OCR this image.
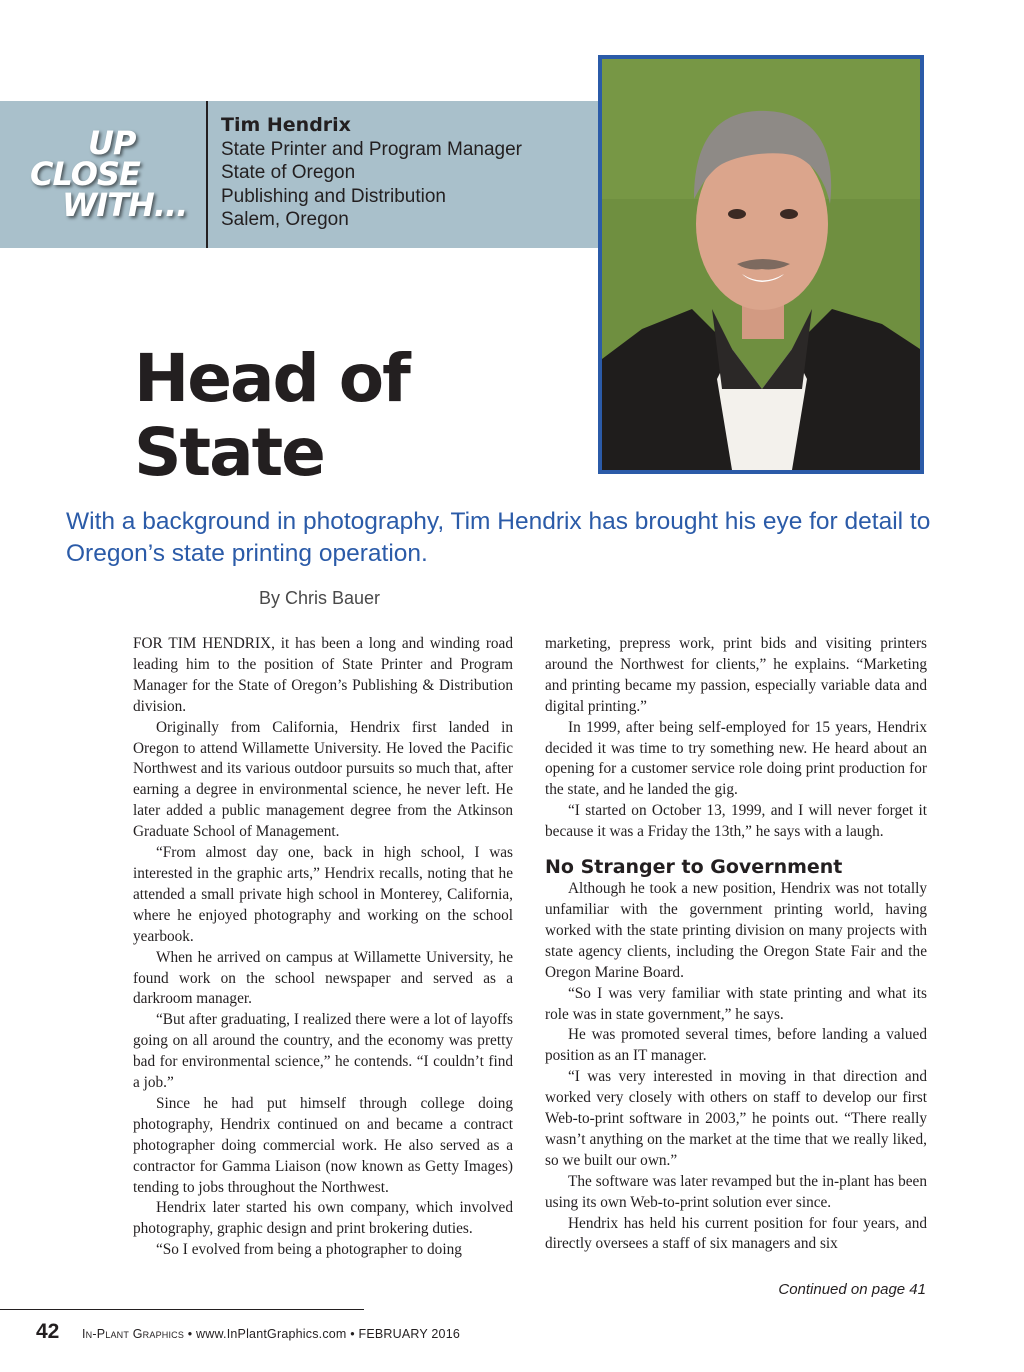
UP
CLOSE
WITH...
Tim Hendrix
State Printer and Program Manager
State of Oregon
Publishing and Distribution
Salem, Oregon
Head of
State
With a background in photography, Tim Hendrix has brought his eye for detail to Oregon’s state printing operation.
By Chris Bauer

FOR TIM HENDRIX, it has been a long and winding road leading him to the position of State Printer and Program Manager for the State of Oregon’s Publishing & Distribution division.

Originally from California, Hendrix first landed in Oregon to attend Willamette University. He loved the Pacific Northwest and its various outdoor pursuits so much that, after earning a degree in environmental science, he never left. He later added a public management degree from the Atkinson Graduate School of Management.

“From almost day one, back in high school, I was interested in the graphic arts,” Hendrix recalls, noting that he attended a small private high school in Monterey, California, where he enjoyed photography and working on the school yearbook.

When he arrived on campus at Willamette University, he found work on the school newspaper and served as a darkroom manager.

“But after graduating, I realized there were a lot of layoffs going on all around the country, and the economy was pretty bad for environmental science,” he contends. “I couldn’t find a job.”

Since he had put himself through college doing photography, Hendrix continued on and became a contract photographer doing commercial work. He also served as a contractor for Gamma Liaison (now known as Getty Images) tending to jobs throughout the Northwest.

Hendrix later started his own company, which involved photography, graphic design and print brokering duties.

“So I evolved from being a photographer to doing

marketing, prepress work, print bids and visiting printers around the Northwest for clients,” he explains. “Marketing and printing became my passion, especially variable data and digital printing.”

In 1999, after being self-employed for 15 years, Hendrix decided it was time to try something new. He heard about an opening for a customer service role doing print production for the state, and he landed the gig.

“I started on October 13, 1999, and I will never forget it because it was a Friday the 13th,” he says with a laugh.

No Stranger to Government

Although he took a new position, Hendrix was not totally unfamiliar with the government printing world, having worked with the state printing division on many projects with state agency clients, including the Oregon State Fair and the Oregon Marine Board.

“So I was very familiar with state printing and what its role was in state government,” he says.

He was promoted several times, before landing a valued position as an IT manager.

“I was very interested in moving in that direction and worked very closely with others on staff to develop our first Web-to-print software in 2003,” he points out. “There really wasn’t anything on the market at the time that we really liked, so we built our own.”

The software was later revamped but the in-plant has been using its own Web-to-print solution ever since.

Hendrix has held his current position for four years, and directly oversees a staff of six managers and six

Continued on page 41
42 In-Plant Graphics • www.InPlantGraphics.com • FEBRUARY 2016
